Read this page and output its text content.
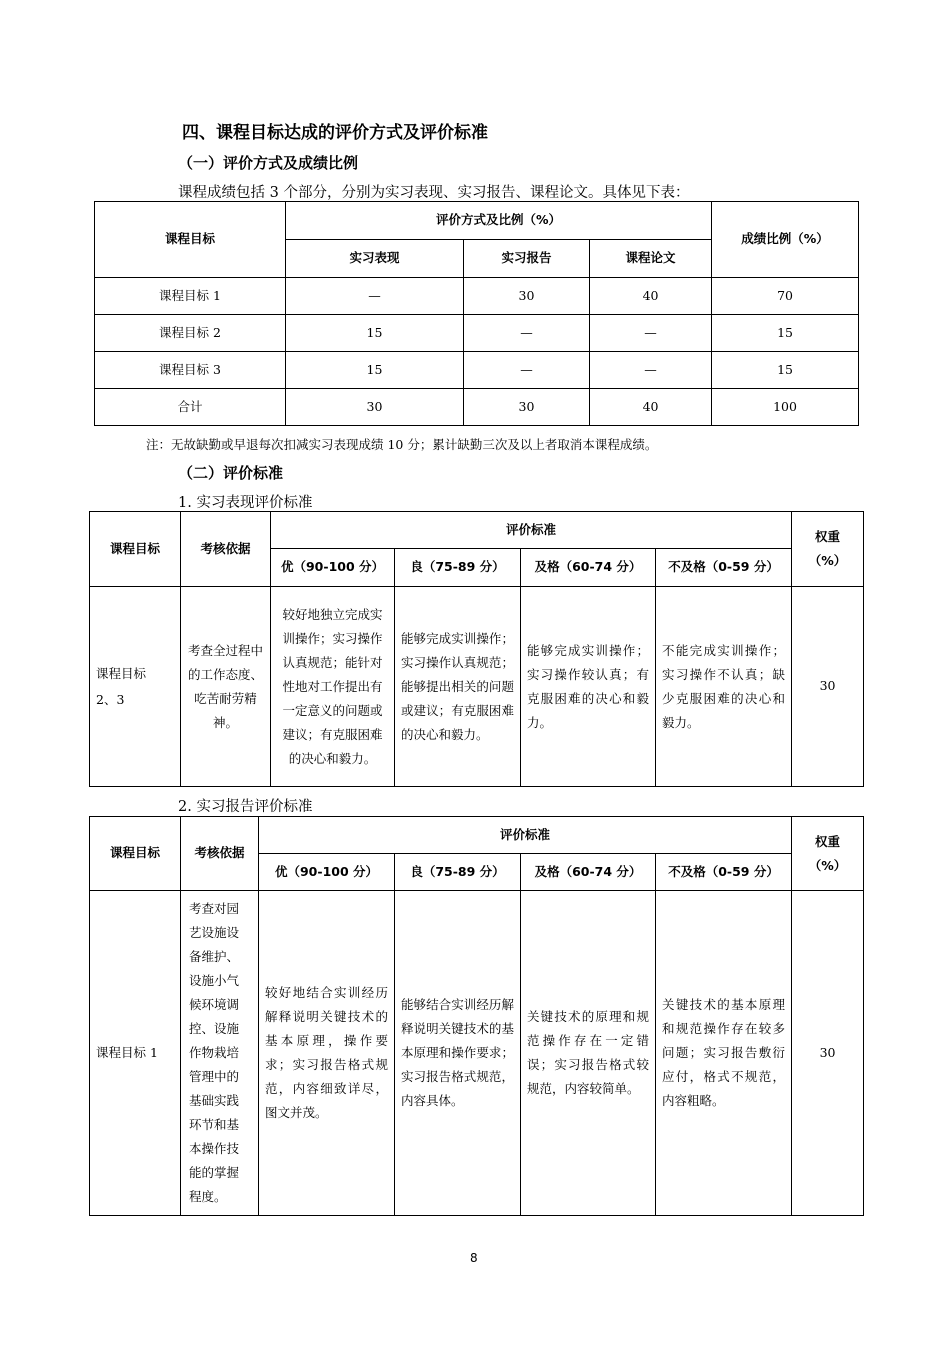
四、课程目标达成的评价方式及评价标准
（一）评价方式及成绩比例
课程成绩包括 3 个部分，分别为实习表现、实习报告、课程论文。具体见下表：
课程目标	评价方式及比例（%）			成绩比例（%）
	实习表现	实习报告	课程论文	
课程目标 1	—	30	40	70
课程目标 2	15	—	—	15
课程目标 3	15	—	—	15
合计	30	30	40	100
注：无故缺勤或早退每次扣减实习表现成绩 10 分；累计缺勤三次及以上者取消本课程成绩。
（二）评价标准
1. 实习表现评价标准
课程目标	考核依据	评价标准				权重
（%）

		优（90-100 分）	良（75-89 分）	及格（60-74 分）	不及格（0-59 分）	

课程目标
2、3	考查全过程中的工作态度、吃苦耐劳精神。	较好地独立完成实训操作；实习操作认真规范；能针对性地对工作提出有一定意义的问题或建议；有克服困难的决心和毅力。	能够完成实训操作；实习操作认真规范；能够提出相关的问题或建议；有克服困难的决心和毅力。	能够完成实训操作；实习操作较认真；有克服困难的决心和毅力。	不能完成实训操作；实习操作不认真；缺少克服困难的决心和毅力。	30
2. 实习报告评价标准
课程目标	考核依据	评价标准				权重
（%）

		优（90-100 分）	良（75-89 分）	及格（60-74 分）	不及格（0-59 分）	
课程目标 1	考查对园艺设施设备维护、设施小气候环境调控、设施作物栽培管理中的基础实践环节和基本操作技能的掌握程度。	较好地结合实训经历解释说明关键技术的基本原理，操作要求；实习报告格式规范，内容细致详尽，图文并茂。	能够结合实训经历解释说明关键技术的基本原理和操作要求；实习报告格式规范，内容具体。	关键技术的原理和规范操作存在一定错误；实习报告格式较规范，内容较简单。	关键技术的基本原理和规范操作存在较多问题；实习报告敷衍应付，格式不规范，内容粗略。	30
8
